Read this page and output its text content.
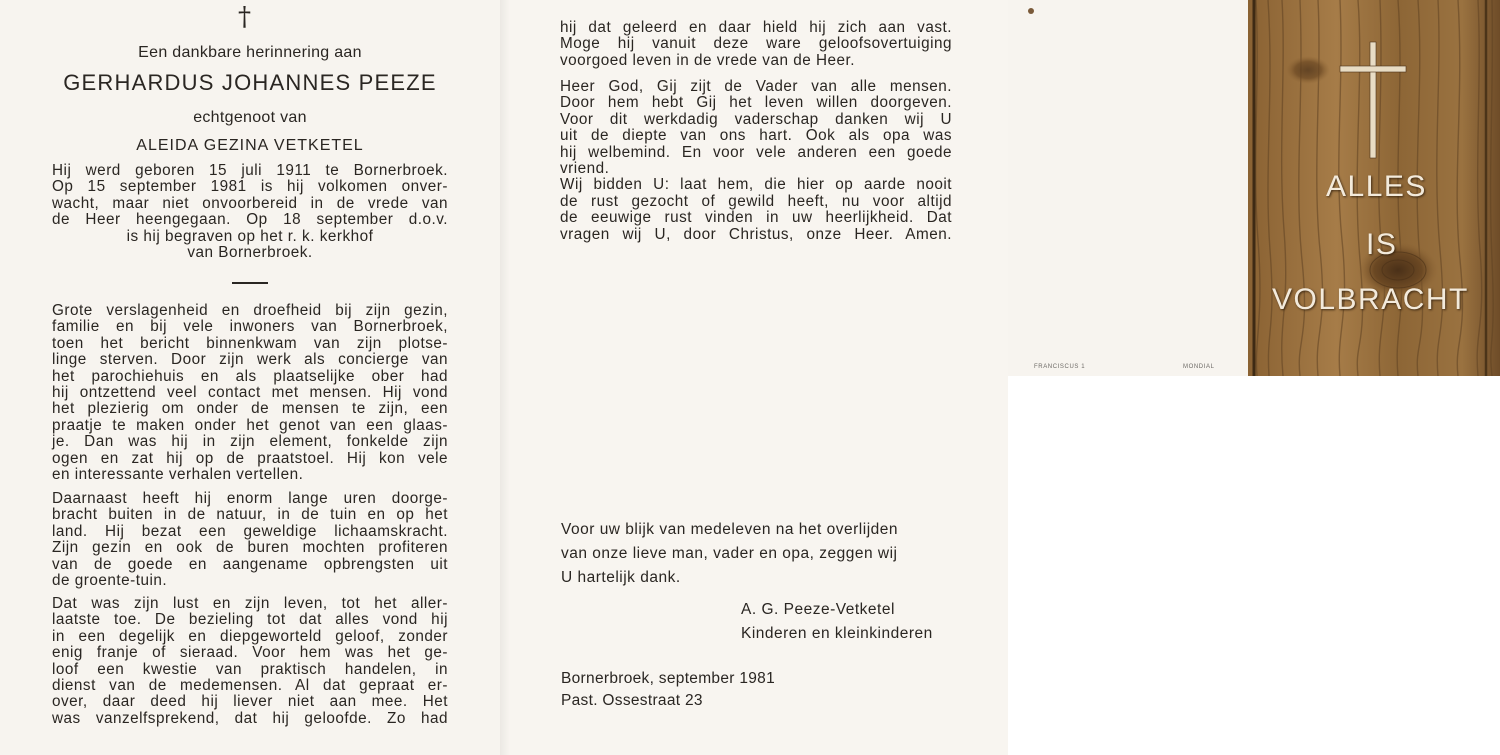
†
Een dankbare herinnering aan
GERHARDUS JOHANNES PEEZE
echtgenoot van
ALEIDA GEZINA VETKETEL
Hij werd geboren 15 juli 1911 te Bornerbroek.
Op 15 september 1981 is hij volkomen onver-
wacht, maar niet onvoorbereid in de vrede van
de Heer heengegaan. Op 18 september d.o.v.
is hij begraven op het r. k. kerkhof
van Bornerbroek.
Grote verslagenheid en droefheid bij zijn gezin,
familie en bij vele inwoners van Bornerbroek,
toen het bericht binnenkwam van zijn plotse-
linge sterven. Door zijn werk als concierge van
het parochiehuis en als plaatselijke ober had
hij ontzettend veel contact met mensen. Hij vond
het plezierig om onder de mensen te zijn, een
praatje te maken onder het genot van een glaas-
je. Dan was hij in zijn element, fonkelde zijn
ogen en zat hij op de praatstoel. Hij kon vele
en interessante verhalen vertellen.
Daarnaast heeft hij enorm lange uren doorge-
bracht buiten in de natuur, in de tuin en op het
land. Hij bezat een geweldige lichaamskracht.
Zijn gezin en ook de buren mochten profiteren
van de goede en aangename opbrengsten uit
de groente-tuin.
Dat was zijn lust en zijn leven, tot het aller-
laatste toe. De bezieling tot dat alles vond hij
in een degelijk en diepgeworteld geloof, zonder
enig franje of sieraad. Voor hem was het ge-
loof een kwestie van praktisch handelen, in
dienst van de medemensen. Al dat gepraat er-
over, daar deed hij liever niet aan mee. Het
was vanzelfsprekend, dat hij geloofde. Zo had
hij dat geleerd en daar hield hij zich aan vast.
Moge hij vanuit deze ware geloofsovertuiging
voorgoed leven in de vrede van de Heer.
Heer God, Gij zijt de Vader van alle mensen.
Door hem hebt Gij het leven willen doorgeven.
Voor dit werkdadig vaderschap danken wij U
uit de diepte van ons hart. Ook als opa was
hij welbemind. En voor vele anderen een goede
vriend.
Wij bidden U: laat hem, die hier op aarde nooit
de rust gezocht of gewild heeft, nu voor altijd
de eeuwige rust vinden in uw heerlijkheid. Dat
vragen wij U, door Christus, onze Heer. Amen.
Voor uw blijk van medeleven na het overlijden
van onze lieve man, vader en opa, zeggen wij
U hartelijk dank.
A. G. Peeze-Vetketel
Kinderen en kleinkinderen
Bornerbroek, september 1981
Past. Ossestraat 23
FRANCISCUS 1	MONDIAL
ALLES
IS
VOLBRACHT
